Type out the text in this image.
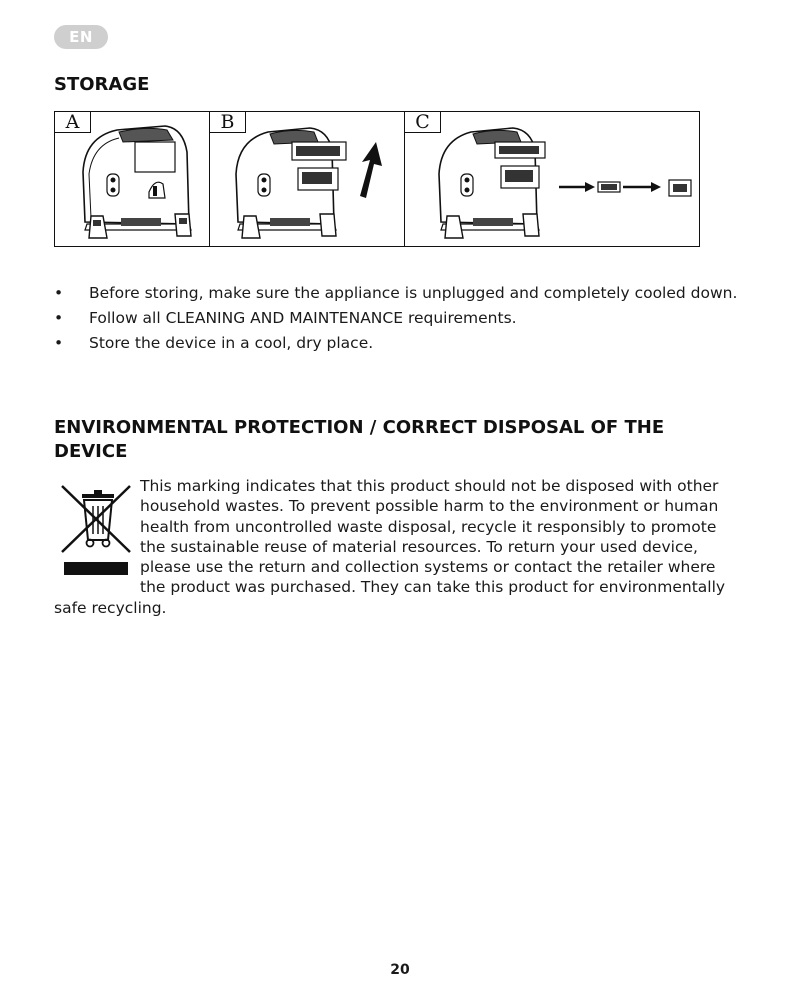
EN
STORAGE
A	B	C
• Before storing, make sure the appliance is unplugged and completely cooled down.
• Follow all CLEANING AND MAINTENANCE requirements.
• Store the device in a cool, dry place.
ENVIRONMENTAL PROTECTION / CORRECT DISPOSAL OF THE
DEVICE
This marking indicates that this product should not be disposed with other household wastes. To prevent possible harm to the environment or human health from uncontrolled waste disposal, recycle it responsibly to promote the sustainable reuse of material resources. To return your used device, please use the return and collection systems or contact the retailer where the product was purchased. They can take this product for environmentally safe recycling.
20
